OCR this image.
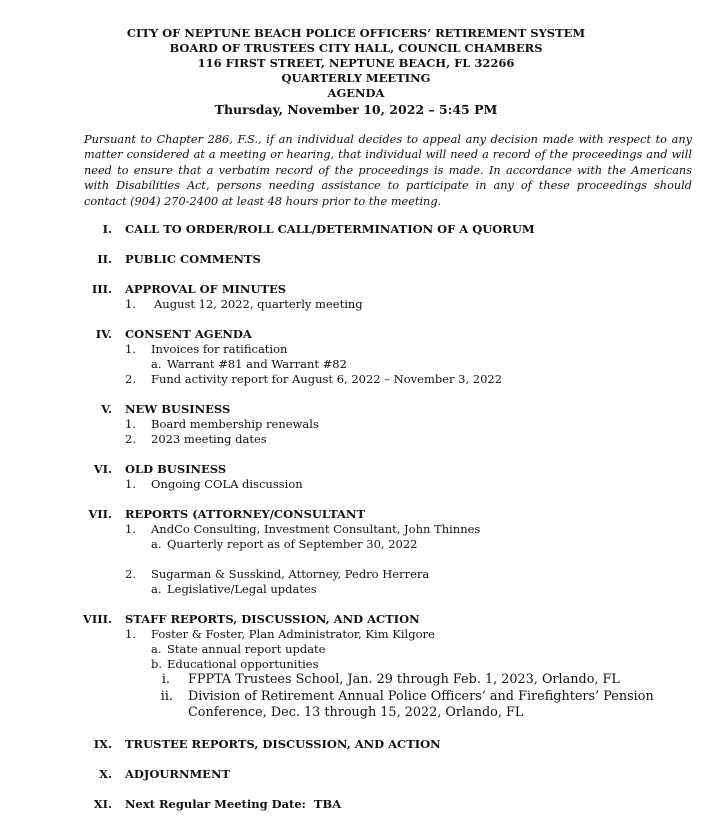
CITY OF NEPTUNE BEACH POLICE OFFICERS’ RETIREMENT SYSTEM
BOARD OF TRUSTEES CITY HALL, COUNCIL CHAMBERS
116 FIRST STREET, NEPTUNE BEACH, FL 32266
QUARTERLY MEETING
AGENDA
Thursday, November 10, 2022 – 5:45 PM
Pursuant to Chapter 286, F.S., if an individual decides to appeal any decision made with respect to any matter considered at a meeting or hearing, that individual will need a record of the proceedings and will need to ensure that a verbatim record of the proceedings is made. In accordance with the Americans with Disabilities Act, persons needing assistance to participate in any of these proceedings should contact (904) 270-2400 at least 48 hours prior to the meeting.
I. CALL TO ORDER/ROLL CALL/DETERMINATION OF A QUORUM
II. PUBLIC COMMENTS
III. APPROVAL OF MINUTES
1. August 12, 2022, quarterly meeting
IV. CONSENT AGENDA
1. Invoices for ratification
a. Warrant #81 and Warrant #82
2. Fund activity report for August 6, 2022 – November 3, 2022
V. NEW BUSINESS
1. Board membership renewals
2. 2023 meeting dates
VI. OLD BUSINESS
1. Ongoing COLA discussion
VII. REPORTS (ATTORNEY/CONSULTANT
1. AndCo Consulting, Investment Consultant, John Thinnes
a. Quarterly report as of September 30, 2022
2. Sugarman & Susskind, Attorney, Pedro Herrera
a. Legislative/Legal updates
VIII. STAFF REPORTS, DISCUSSION, AND ACTION
1. Foster & Foster, Plan Administrator, Kim Kilgore
a. State annual report update
b. Educational opportunities
i. FPPTA Trustees School, Jan. 29 through Feb. 1, 2023, Orlando, FL
ii. Division of Retirement Annual Police Officers’ and Firefighters’ Pension
Conference, Dec. 13 through 15, 2022, Orlando, FL
IX. TRUSTEE REPORTS, DISCUSSION, AND ACTION
X. ADJOURNMENT
XI. Next Regular Meeting Date:  TBA
